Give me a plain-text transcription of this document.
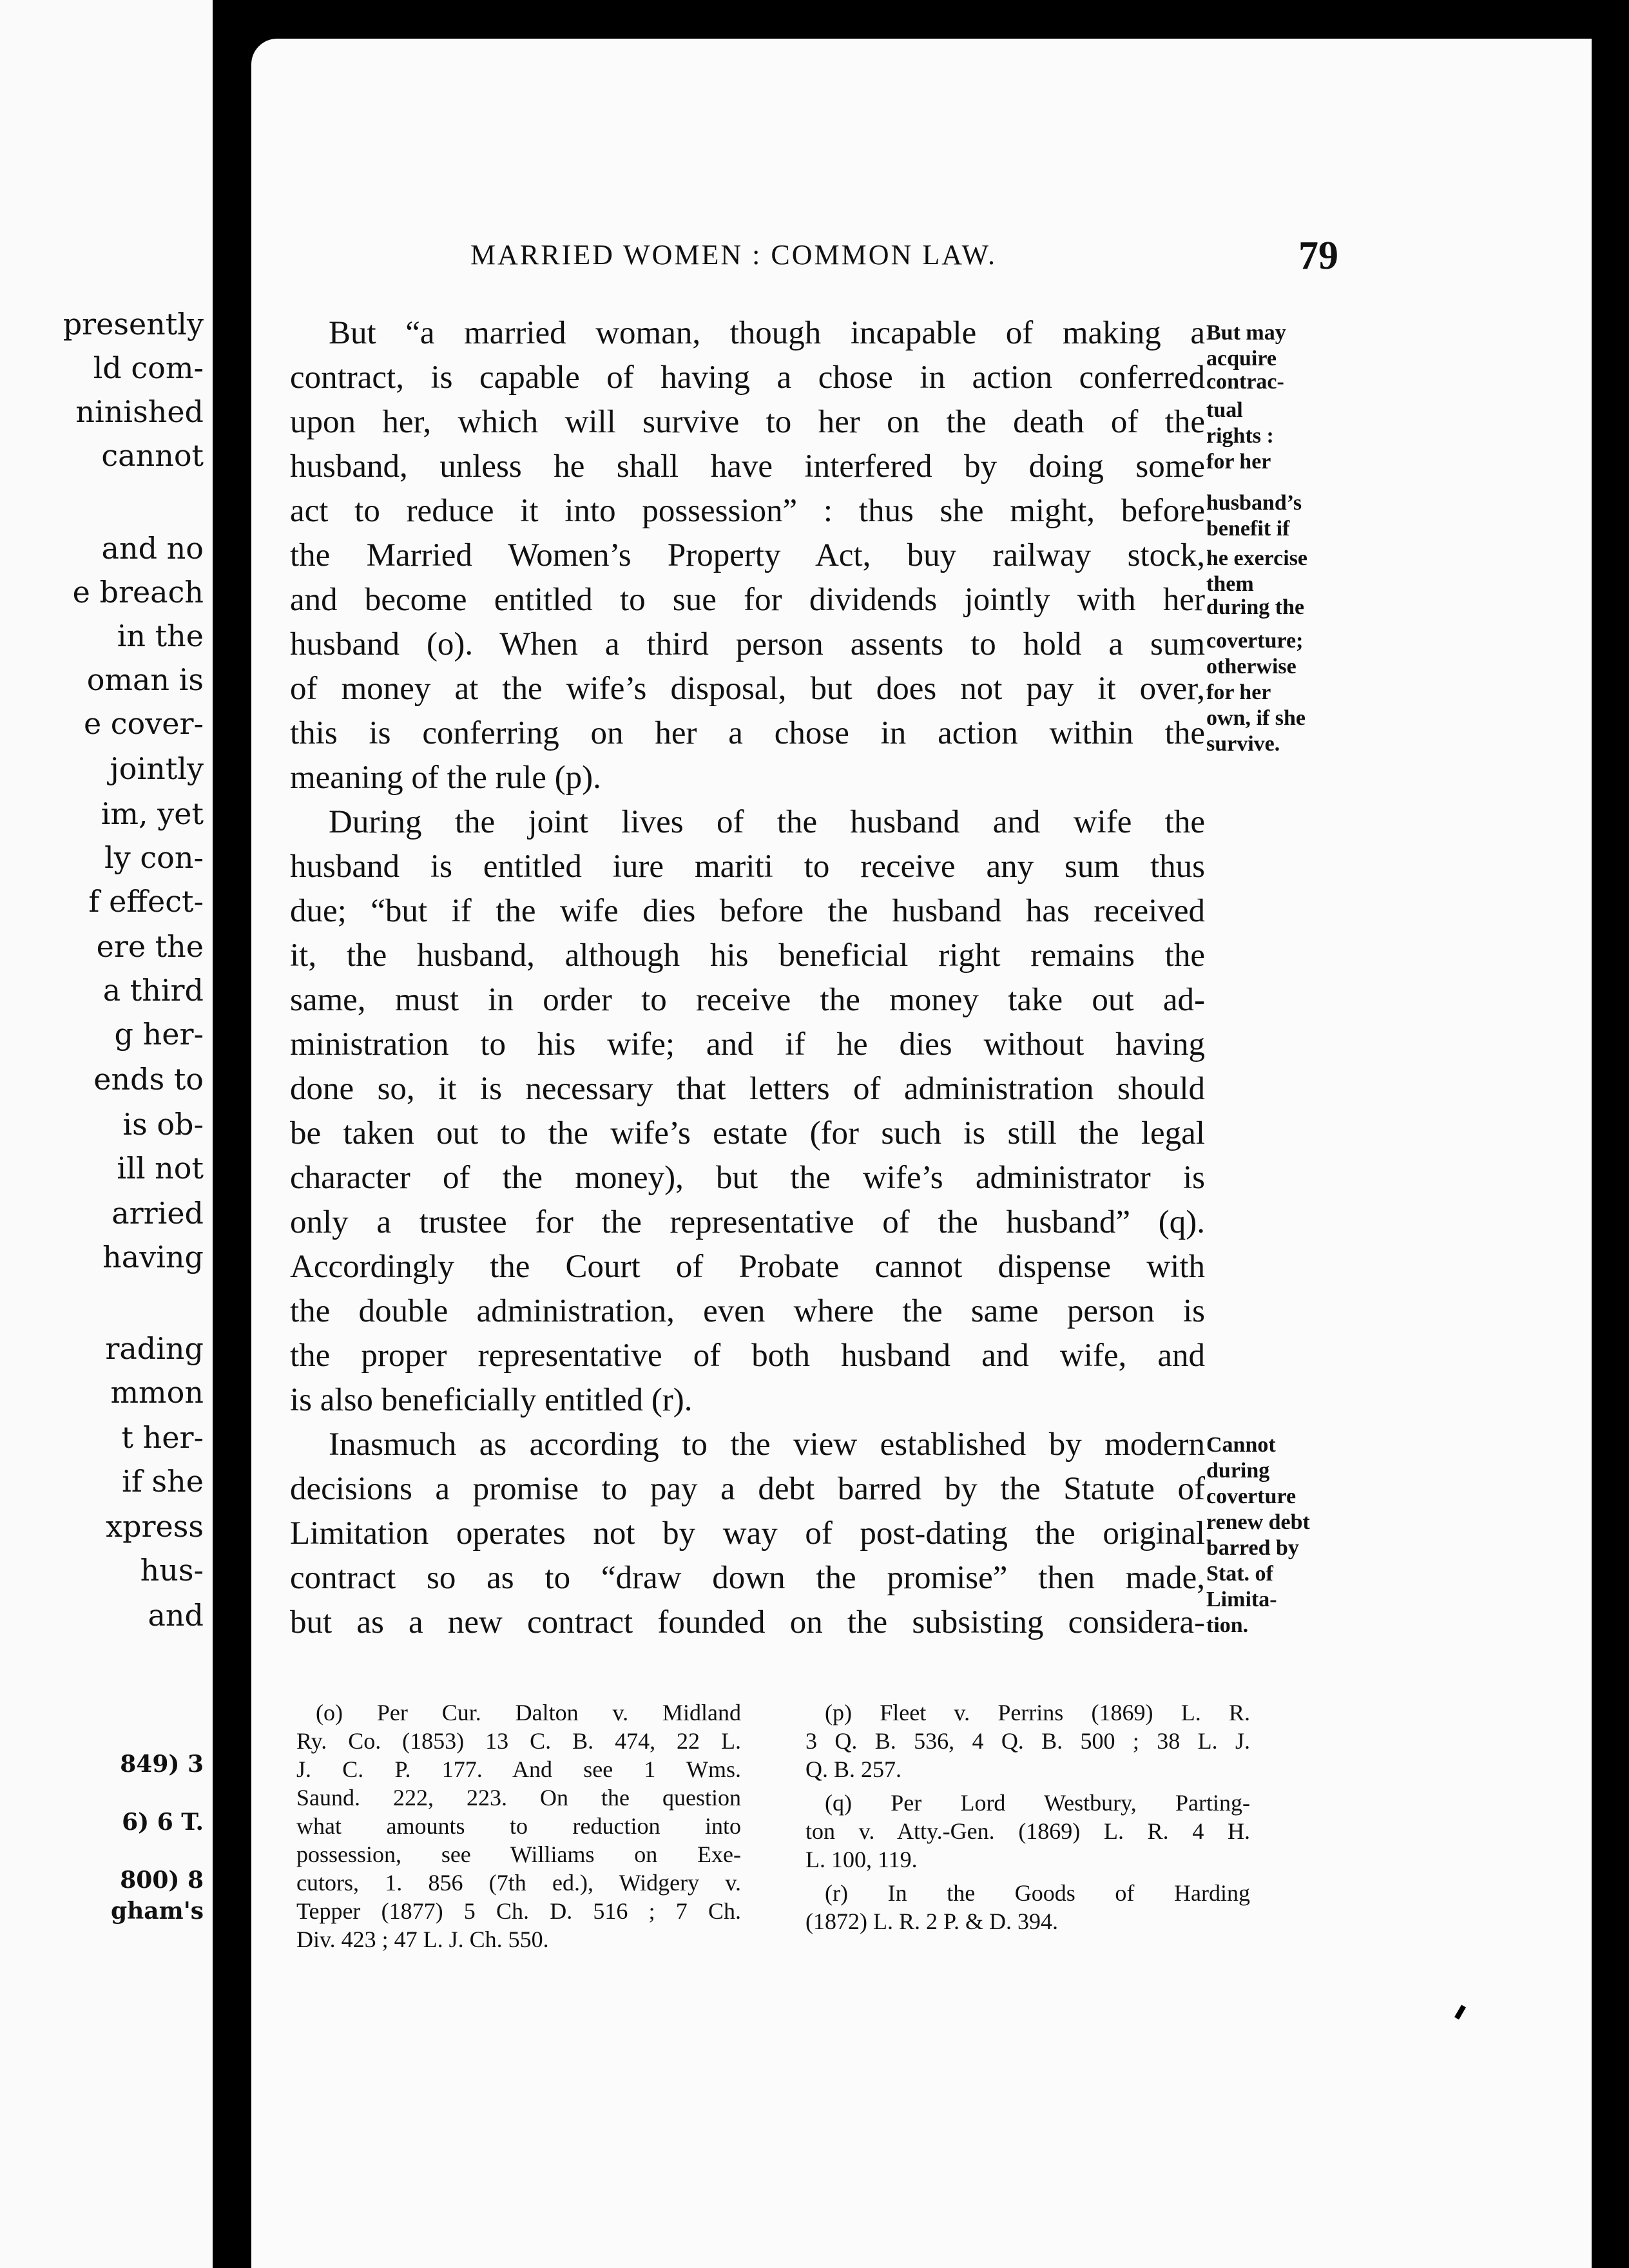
presently
ld com-
ninished
cannot
and no
e breach
in the
oman is
e cover-
jointly
im, yet
ly con-
f effect-
ere the
a third
g her-
ends to
is ob-
ill not
arried
having
rading
mmon
t her-
if she
xpress
hus-
and
849) 3
6) 6 T.
800) 8
gham's
MARRIED WOMEN : COMMON LAW.	79
But “a married woman, though incapable of making a
contract, is capable of having a chose in action conferred
upon her, which will survive to her on the death of the
husband, unless he shall have interfered by doing some
act to reduce it into possession” : thus she might, before
the Married Women’s Property Act, buy railway stock,
and become entitled to sue for dividends jointly with her
husband (o). When a third person assents to hold a sum
of money at the wife’s disposal, but does not pay it over,
this is conferring on her a chose in action within the
meaning of the rule (p).
During the joint lives of the husband and wife the
husband is entitled iure mariti to receive any sum thus
due; “but if the wife dies before the husband has received
it, the husband, although his beneficial right remains the
same, must in order to receive the money take out ad-
ministration to his wife; and if he dies without having
done so, it is necessary that letters of administration should
be taken out to the wife’s estate (for such is still the legal
character of the money), but the wife’s administrator is
only a trustee for the representative of the husband” (q).
Accordingly the Court of Probate cannot dispense with
the double administration, even where the same person is
the proper representative of both husband and wife, and
is also beneficially entitled (r).
Inasmuch as according to the view established by modern
decisions a promise to pay a debt barred by the Statute of
Limitation operates not by way of post-dating the original
contract so as to “draw down the promise” then made,
but as a new contract founded on the subsisting considera-
But may
acquire
contrac-
tual
rights :
for her
husband’s
benefit if
he exercise
them
during the
coverture;
otherwise
for her
own, if she
survive.
Cannot
during
coverture
renew debt
barred by
Stat. of
Limita-
tion.
(o) Per Cur. Dalton v. Midland
Ry. Co. (1853) 13 C. B. 474, 22 L.
J. C. P. 177. And see 1 Wms.
Saund. 222, 223. On the question
what amounts to reduction into
possession, see Williams on Exe-
cutors, 1. 856 (7th ed.), Widgery v.
Tepper (1877) 5 Ch. D. 516 ; 7 Ch.
Div. 423 ; 47 L. J. Ch. 550.
(p) Fleet v. Perrins (1869) L. R.
3 Q. B. 536, 4 Q. B. 500 ; 38 L. J.
Q. B. 257.
(q) Per Lord Westbury, Parting-
ton v. Atty.-Gen. (1869) L. R. 4 H.
L. 100, 119.
(r) In the Goods of Harding
(1872) L. R. 2 P. & D. 394.
